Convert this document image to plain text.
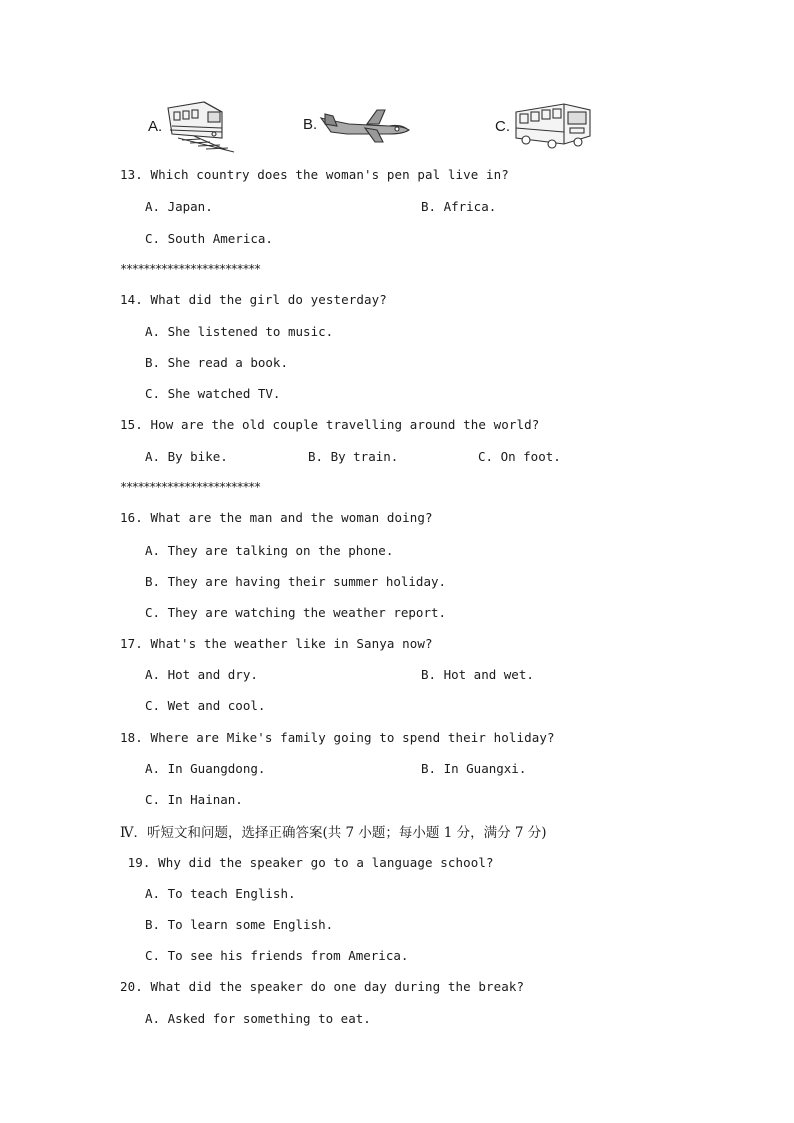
A.	B.	C.
13. Which country does the woman's pen pal live in?
A. Japan.	B. Africa.
C. South America.
************************
14. What did the girl do yesterday?
A. She listened to music.
B. She read a book.
C. She watched TV.
15. How are the old couple travelling around the world?
A. By bike.	B. By train.	C. On foot.
************************
16. What are the man and the woman doing?
A. They are talking on the phone.
B. They are having their summer holiday.
C. They are watching the weather report.
17. What's the weather like in Sanya now?
A. Hot and dry.	B. Hot and wet.
C. Wet and cool.
18. Where are Mike's family going to spend their holiday?
A. In Guangdong.	B. In Guangxi.
C. In Hainan.
Ⅳ．听短文和问题，选择正确答案(共 7 小题；每小题 1 分，满分 7 分)
19. Why did the speaker go to a language school?
A. To teach English.
B. To learn some English.
C. To see his friends from America.
20. What did the speaker do one day during the break?
A. Asked for something to eat.
